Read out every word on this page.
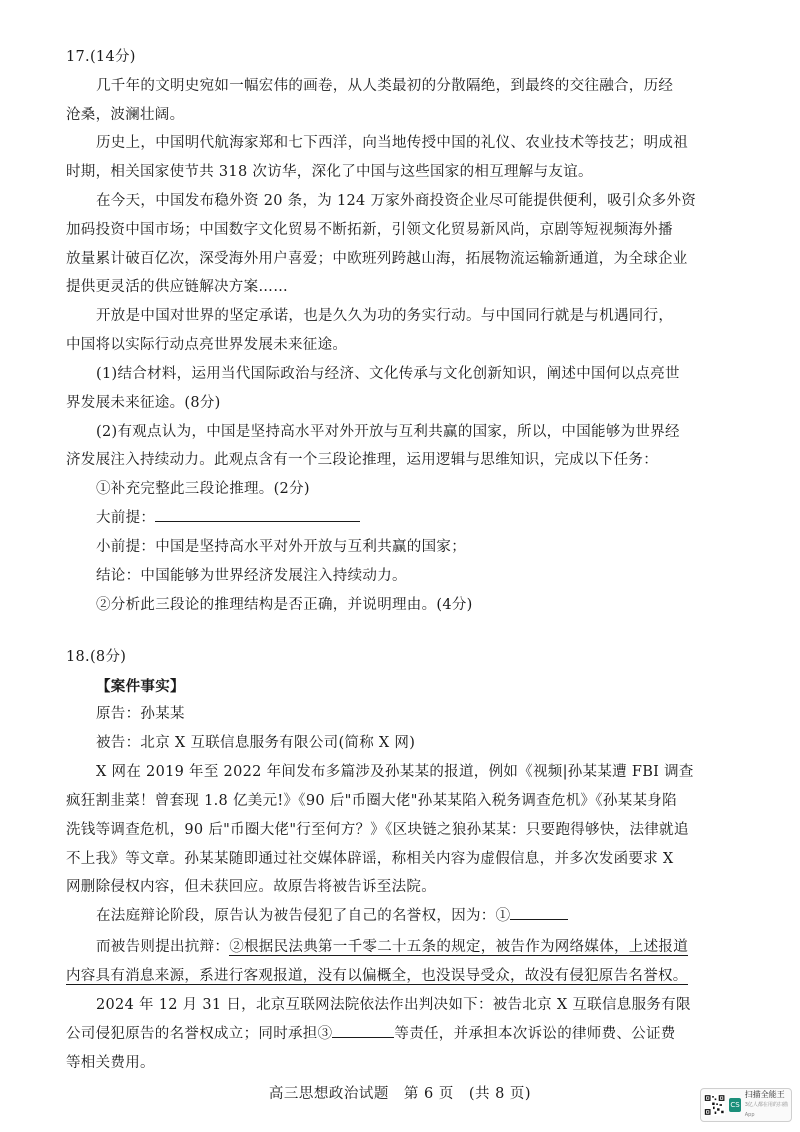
17.(14分)
几千年的文明史宛如一幅宏伟的画卷，从人类最初的分散隔绝，到最终的交往融合，历经
沧桑，波澜壮阔。
历史上，中国明代航海家郑和七下西洋，向当地传授中国的礼仪、农业技术等技艺；明成祖
时期，相关国家使节共 318 次访华，深化了中国与这些国家的相互理解与友谊。
在今天，中国发布稳外资 20 条，为 124 万家外商投资企业尽可能提供便利，吸引众多外资
加码投资中国市场；中国数字文化贸易不断拓新，引领文化贸易新风尚，京剧等短视频海外播
放量累计破百亿次，深受海外用户喜爱；中欧班列跨越山海，拓展物流运输新通道，为全球企业
提供更灵活的供应链解决方案……
开放是中国对世界的坚定承诺，也是久久为功的务实行动。与中国同行就是与机遇同行，
中国将以实际行动点亮世界发展未来征途。
(1)结合材料，运用当代国际政治与经济、文化传承与文化创新知识，阐述中国何以点亮世
界发展未来征途。(8分)
(2)有观点认为，中国是坚持高水平对外开放与互利共赢的国家，所以，中国能够为世界经
济发展注入持续动力。此观点含有一个三段论推理，运用逻辑与思维知识，完成以下任务：
①补充完整此三段论推理。(2分)
大前提：
小前提：中国是坚持高水平对外开放与互利共赢的国家；
结论：中国能够为世界经济发展注入持续动力。
②分析此三段论的推理结构是否正确，并说明理由。(4分)
18.(8分)
【案件事实】
原告：孙某某
被告：北京 X 互联信息服务有限公司(简称 X 网)
X 网在 2019 年至 2022 年间发布多篇涉及孙某某的报道，例如《视频|孙某某遭 FBI 调查
疯狂割韭菜！曾套现 1.8 亿美元!》《90 后"币圈大佬"孙某某陷入税务调查危机》《孙某某身陷
洗钱等调查危机，90 后"币圈大佬"行至何方？》《区块链之狼孙某某：只要跑得够快，法律就追
不上我》等文章。孙某某随即通过社交媒体辟谣，称相关内容为虚假信息，并多次发函要求 X
网删除侵权内容，但未获回应。故原告将被告诉至法院。
在法庭辩论阶段，原告认为被告侵犯了自己的名誉权，因为：①
而被告则提出抗辩：②根据民法典第一千零二十五条的规定，被告作为网络媒体，上述报道
内容具有消息来源，系进行客观报道，没有以偏概全，也没误导受众，故没有侵犯原告名誉权。
2024 年 12 月 31 日，北京互联网法院依法作出判决如下：被告北京 X 互联信息服务有限
CS
扫描全能王
3亿人都在用的扫描App
公司侵犯原告的名誉权成立；同时承担③	等责任，并承担本次诉讼的律师费、公证费
等相关费用。
高三思想政治试题　第 6 页　(共 8 页)
